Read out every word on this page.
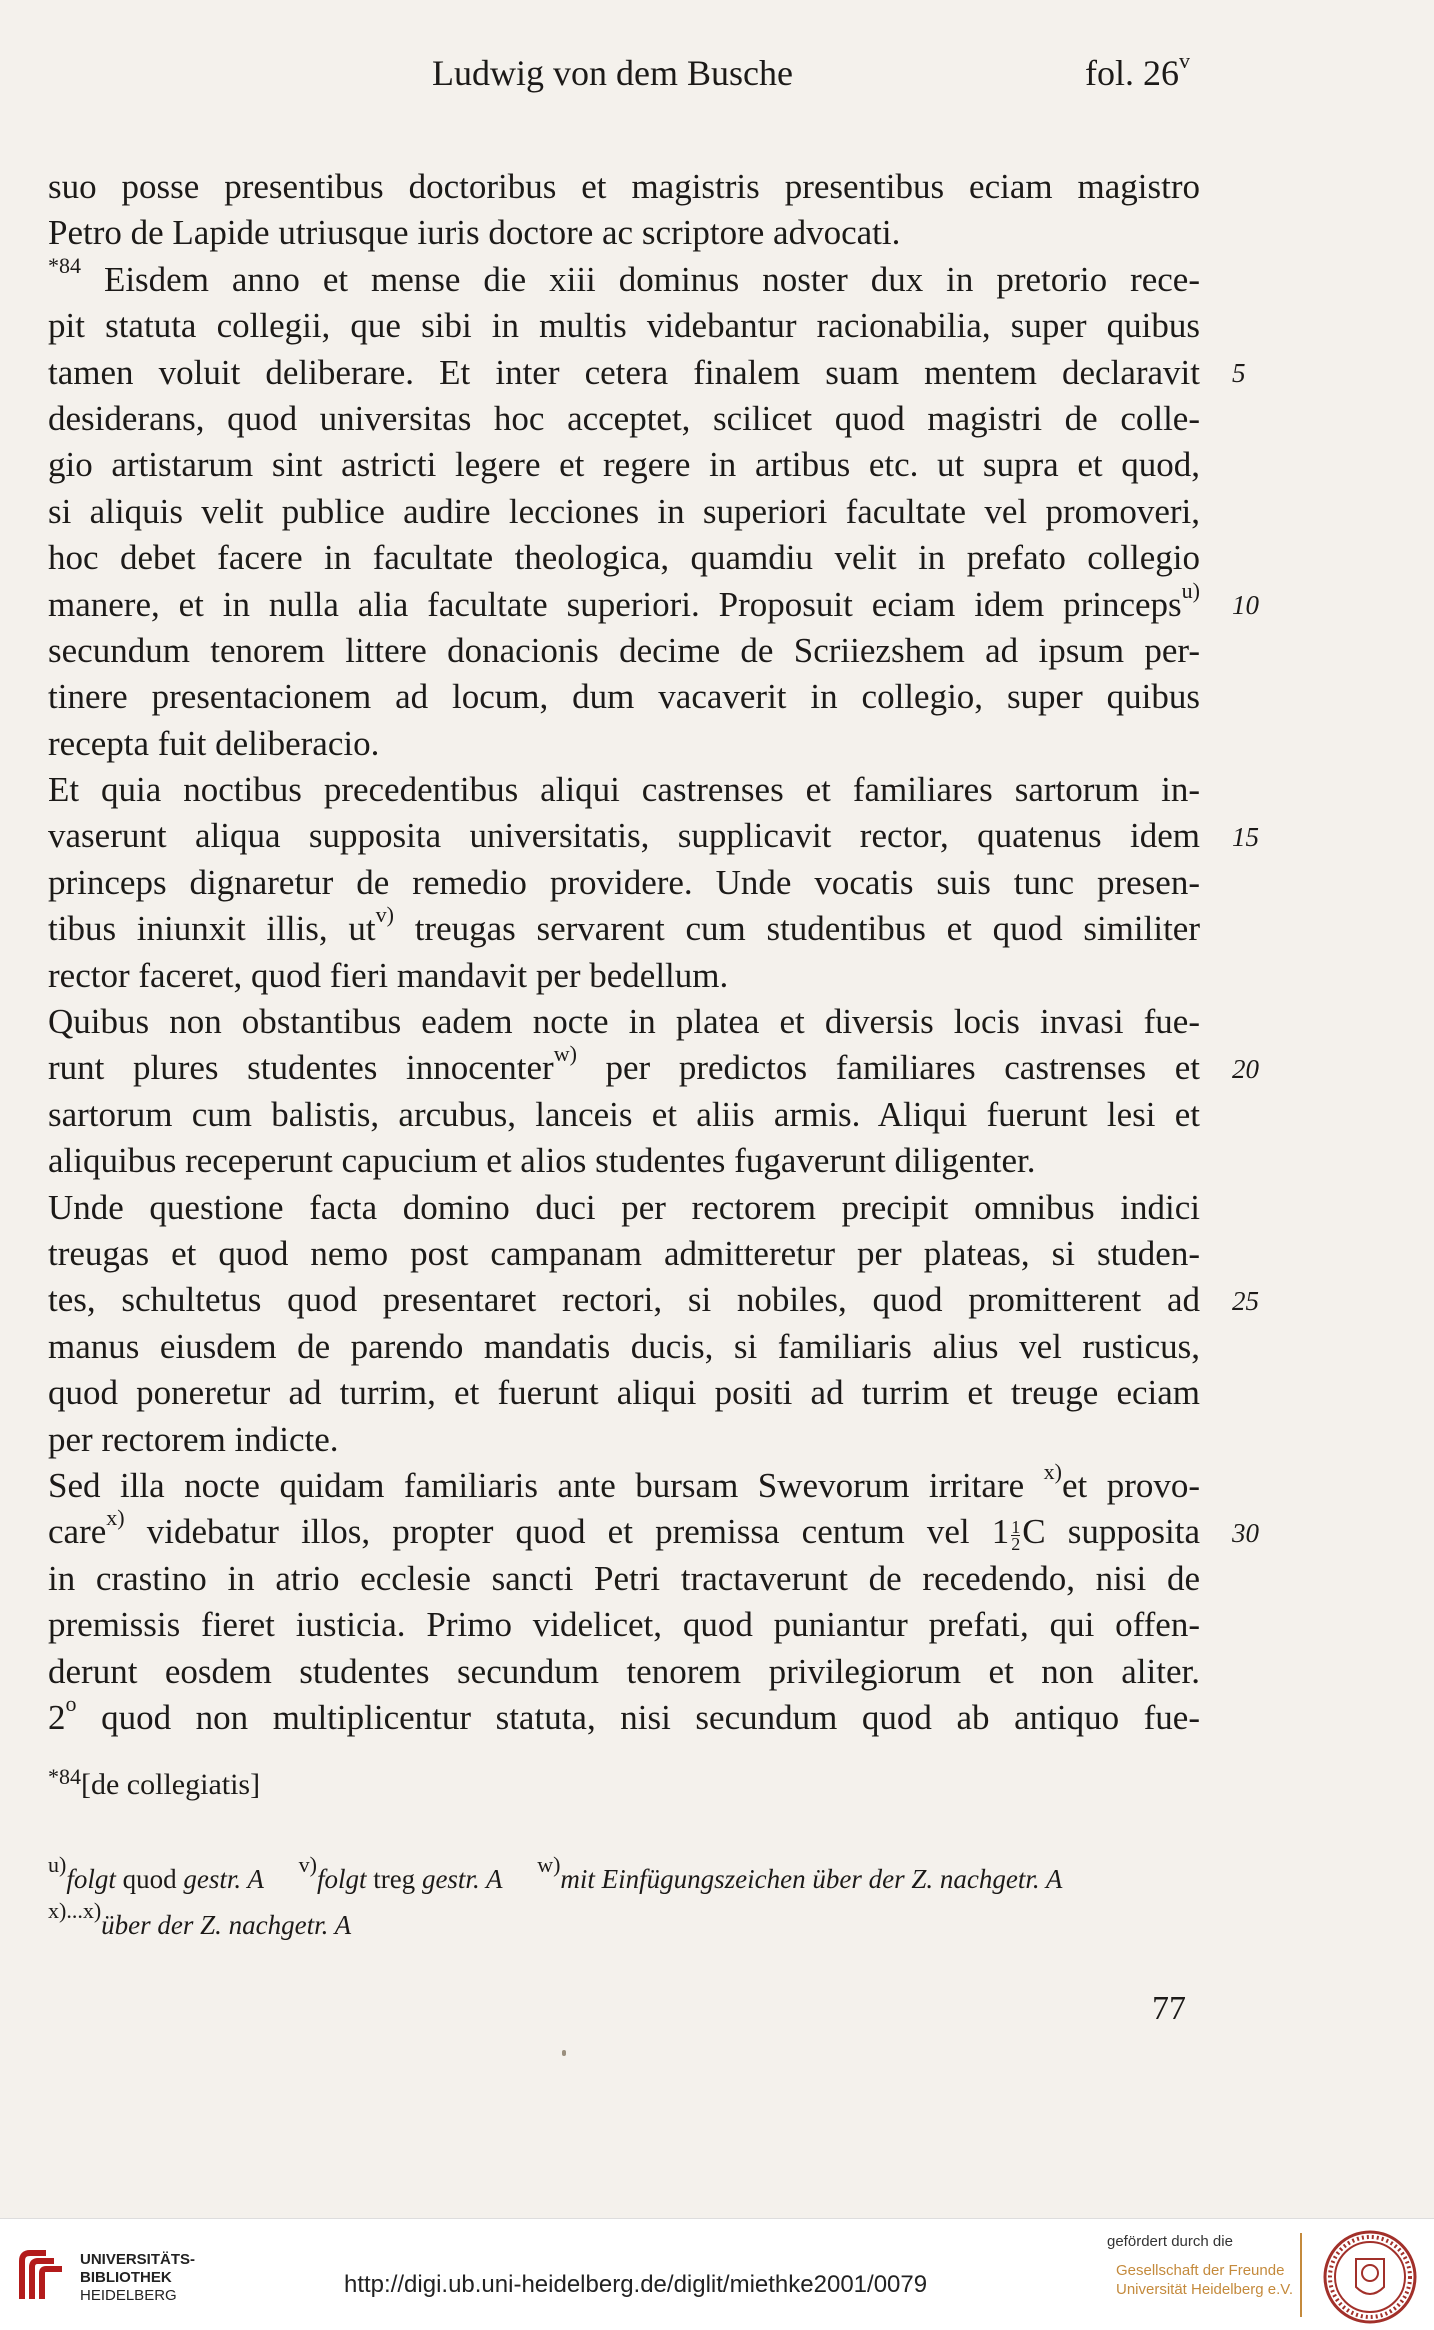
Ludwig von dem Busche	fol. 26$^v$
suo posse presentibus doctoribus et magistris presentibus eciam magistro
Petro de Lapide utriusque iuris doctore ac scriptore advocati.
$^{*84}$ Eisdem anno et mense die xiii dominus noster dux in pretorio rece-
pit statuta collegii, que sibi in multis videbantur racionabilia, super quibus
tamen voluit deliberare. Et inter cetera finalem suam mentem declaravit
desiderans, quod universitas hoc acceptet, scilicet quod magistri de colle-
gio artistarum sint astricti legere et regere in artibus etc. ut supra et quod,
si aliquis velit publice audire lecciones in superiori facultate vel promoveri,
hoc debet facere in facultate theologica, quamdiu velit in prefato collegio
manere, et in nulla alia facultate superiori. Proposuit eciam idem princeps$^{u)}$
secundum tenorem littere donacionis decime de Scriiezshem ad ipsum per-
tinere presentacionem ad locum, dum vacaverit in collegio, super quibus
recepta fuit deliberacio.
Et quia noctibus precedentibus aliqui castrenses et familiares sartorum in-
vaserunt aliqua supposita universitatis, supplicavit rector, quatenus idem
princeps dignaretur de remedio providere. Unde vocatis suis tunc presen-
tibus iniunxit illis, $ut^{v)}$ treugas servarent cum studentibus et quod similiter
rector faceret, quod fieri mandavit per bedellum.
Quibus non obstantibus eadem nocte in platea et diversis locis invasi fue-
runt plures studentes innocenter$^{w)}$ per predictos familiares castrenses et
sartorum cum balistis, arcubus, lanceis et aliis armis. Aliqui fuerunt lesi et
aliquibus receperunt capucium et alios studentes fugaverunt diligenter.
Unde questione facta domino duci per rectorem precipit omnibus indici
treugas et quod nemo post campanam admitteretur per plateas, si studen-
tes, schultetus quod presentaret rectori, si nobiles, quod promitterent ad
manus eiusdem de parendo mandatis ducis, si familiaris alius vel rusticus,
quod poneretur ad turrim, et fuerunt aliqui positi ad turrim et treuge eciam
per rectorem indicte.
Sed illa nocte quidam familiaris ante bursam Swevorum irritare $^{x)}$et provo-
care$^{x)}$ videbatur illos, propter quod et premissa centum vel $1 \frac{1}{2}$ C supposita
in crastino in atrio ecclesie sancti Petri tractaverunt de recedendo, nisi de
premissis fieret iusticia. Primo videlicet, quod puniantur prefati, qui offen-
derunt eosdem studentes secundum tenorem privilegiorum et non aliter.
2$^o$ quod non multiplicentur statuta, nisi secundum quod ab antiquo fue-
5
10
15
20
25
30
$^{*84}$[de collegiatis]
$^{u)}$folgt quod gestr. A $^{v)}$folgt treg gestr. A $^{w)}$mit Einfügungszeichen über der Z. nachgetr. A
$^{x)...x)}$über der Z. nachgetr. A
77
UNIVERSITÄTS-
BIBLIOTHEK
HEIDELBERG	http://digi.ub.uni-heidelberg.de/diglit/miethke2001/0079
gefördert durch die
Gesellschaft der Freunde
Universität Heidelberg e.V.
